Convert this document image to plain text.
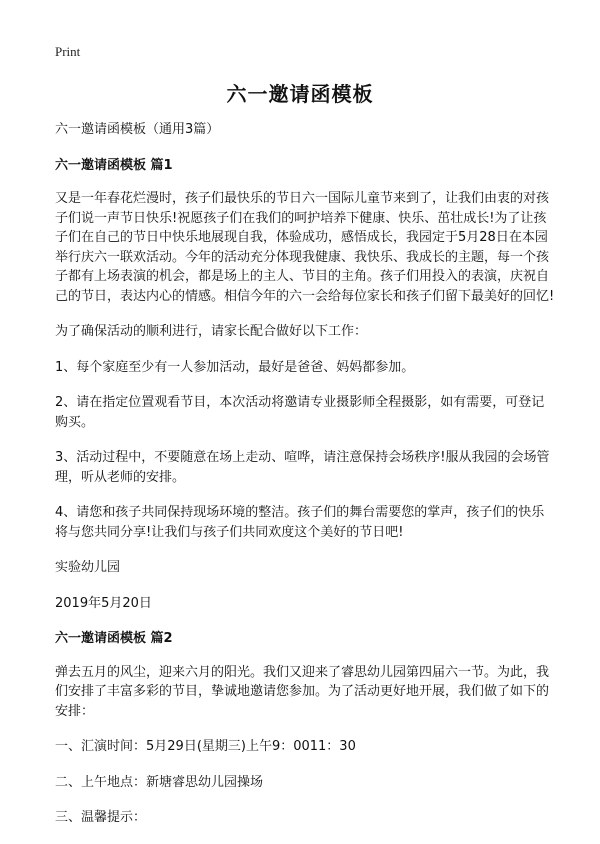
Print
六一邀请函模板

六一邀请函模板（通用3篇）

六一邀请函模板 篇1

又是一年春花烂漫时，孩子们最快乐的节日六一国际儿童节来到了，让我们由衷的对孩子们说一声节日快乐!祝愿孩子们在我们的呵护培养下健康、快乐、茁壮成长!为了让孩子们在自己的节日中快乐地展现自我，体验成功，感悟成长，我园定于5月28日在本园举行庆六一联欢活动。今年的活动充分体现我健康、我快乐、我成长的主题，每一个孩子都有上场表演的机会，都是场上的主人、节目的主角。孩子们用投入的表演，庆祝自己的节日，表达内心的情感。相信今年的六一会给每位家长和孩子们留下最美好的回忆!

为了确保活动的顺利进行，请家长配合做好以下工作：

1、每个家庭至少有一人参加活动，最好是爸爸、妈妈都参加。

2、请在指定位置观看节目，本次活动将邀请专业摄影师全程摄影，如有需要，可登记购买。

3、活动过程中，不要随意在场上走动、喧哗，请注意保持会场秩序!服从我园的会场管理，听从老师的安排。

4、请您和孩子共同保持现场环境的整洁。孩子们的舞台需要您的掌声，孩子们的快乐将与您共同分享!让我们与孩子们共同欢度这个美好的节日吧!

实验幼儿园

2019年5月20日

六一邀请函模板 篇2

弹去五月的风尘，迎来六月的阳光。我们又迎来了睿思幼儿园第四届六一节。为此，我们安排了丰富多彩的节目，挚诚地邀请您参加。为了活动更好地开展，我们做了如下的安排：

一、汇演时间：5月29日(星期三)上午9：0011：30

二、上午地点：新塘睿思幼儿园操场

三、温馨提示：
